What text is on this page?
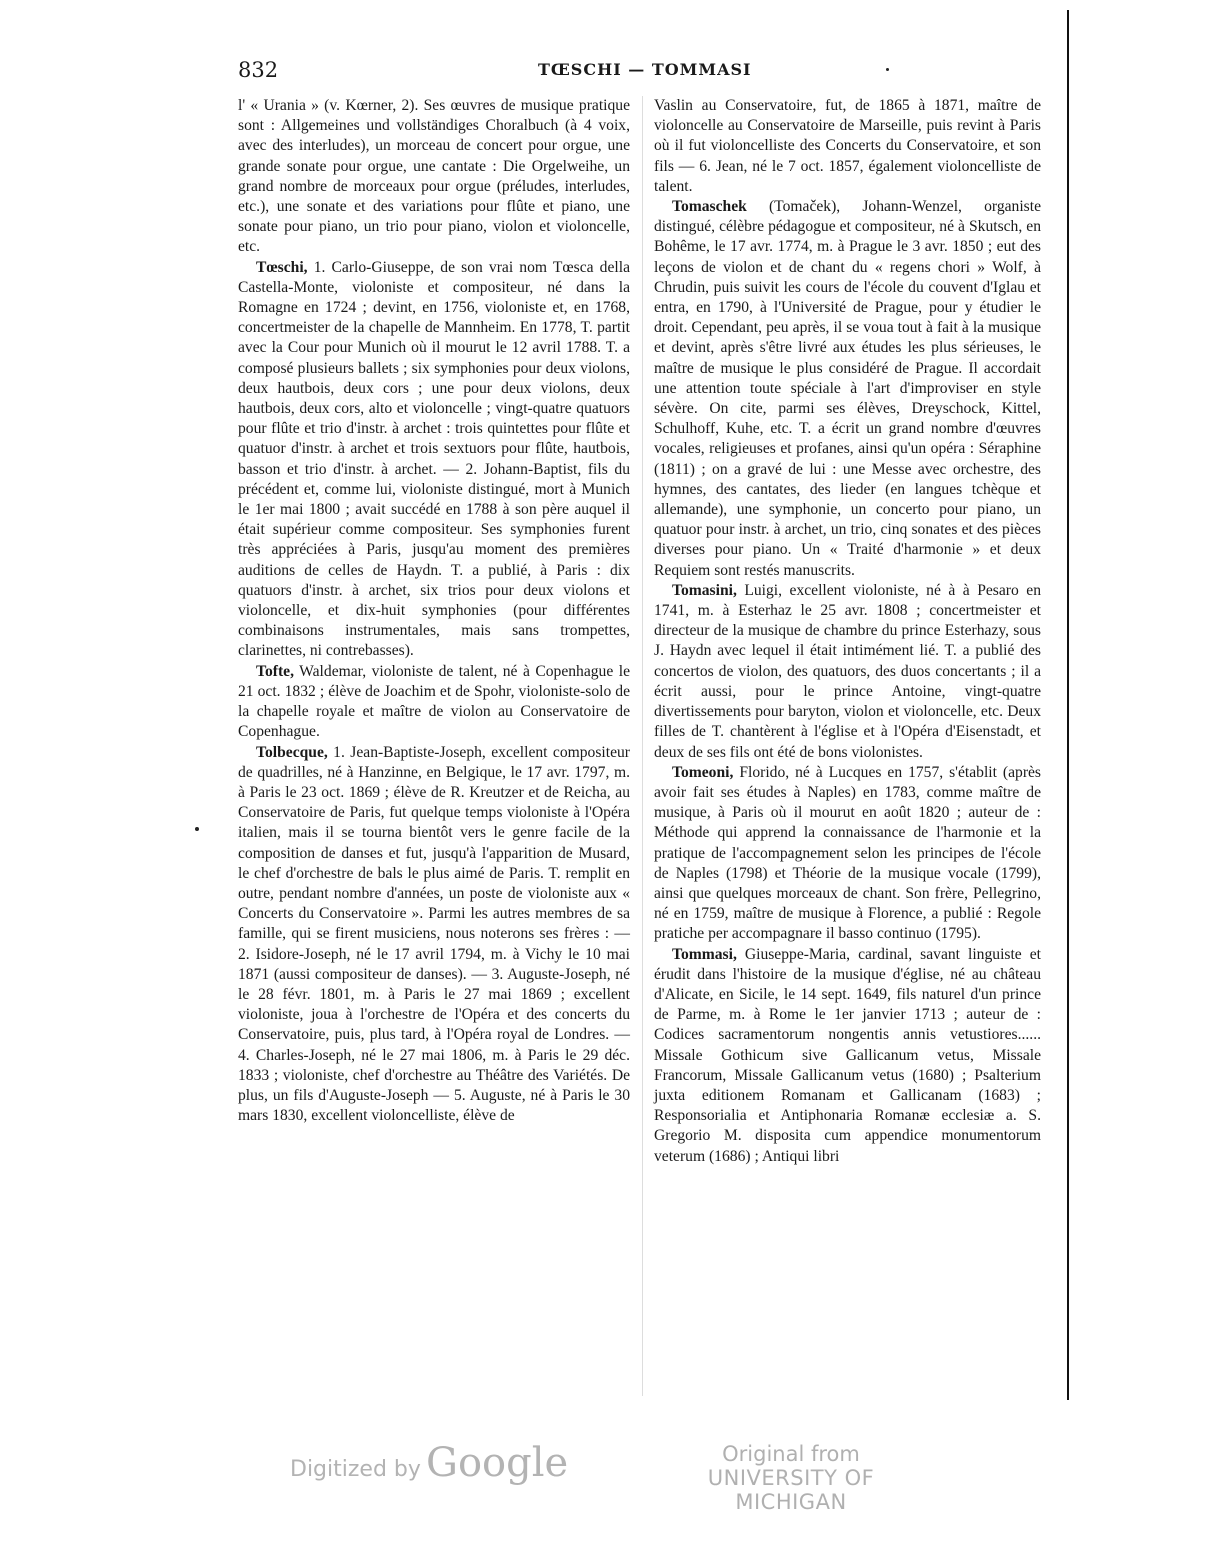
832	TŒSCHI — TOMMASI

l' « Urania » (v. Kœrner, 2). Ses œuvres de musique pratique sont : Allgemeines und vollständiges Choralbuch (à 4 voix, avec des interludes), un morceau de concert pour orgue, une grande sonate pour orgue, une cantate : Die Orgelweihe, un grand nombre de morceaux pour orgue (préludes, interludes, etc.), une sonate et des variations pour flûte et piano, une sonate pour piano, un trio pour piano, violon et violoncelle, etc.

Tœschi, 1. Carlo-Giuseppe, de son vrai nom Tœsca della Castella-Monte, violoniste et compositeur, né dans la Romagne en 1724 ; devint, en 1756, violoniste et, en 1768, concertmeister de la chapelle de Mannheim. En 1778, T. partit avec la Cour pour Munich où il mourut le 12 avril 1788. T. a composé plusieurs ballets ; six symphonies pour deux violons, deux hautbois, deux cors ; une pour deux violons, deux hautbois, deux cors, alto et violoncelle ; vingt-quatre quatuors pour flûte et trio d'instr. à archet : trois quintettes pour flûte et quatuor d'instr. à archet et trois sextuors pour flûte, hautbois, basson et trio d'instr. à archet. — 2. Johann-Baptist, fils du précédent et, comme lui, violoniste distingué, mort à Munich le 1er mai 1800 ; avait succédé en 1788 à son père auquel il était supérieur comme compositeur. Ses symphonies furent très appréciées à Paris, jusqu'au moment des premières auditions de celles de Haydn. T. a publié, à Paris : dix quatuors d'instr. à archet, six trios pour deux violons et violoncelle, et dix-huit symphonies (pour différentes combinaisons instrumentales, mais sans trompettes, clarinettes, ni contrebasses).

Tofte, Waldemar, violoniste de talent, né à Copenhague le 21 oct. 1832 ; élève de Joachim et de Spohr, violoniste-solo de la chapelle royale et maître de violon au Conservatoire de Copenhague.

Tolbecque, 1. Jean-Baptiste-Joseph, excellent compositeur de quadrilles, né à Hanzinne, en Belgique, le 17 avr. 1797, m. à Paris le 23 oct. 1869 ; élève de R. Kreutzer et de Reicha, au Conservatoire de Paris, fut quelque temps violoniste à l'Opéra italien, mais il se tourna bientôt vers le genre facile de la composition de danses et fut, jusqu'à l'apparition de Musard, le chef d'orchestre de bals le plus aimé de Paris. T. remplit en outre, pendant nombre d'années, un poste de violoniste aux « Concerts du Conservatoire ». Parmi les autres membres de sa famille, qui se firent musiciens, nous noterons ses frères : — 2. Isidore-Joseph, né le 17 avril 1794, m. à Vichy le 10 mai 1871 (aussi compositeur de danses). — 3. Auguste-Joseph, né le 28 févr. 1801, m. à Paris le 27 mai 1869 ; excellent violoniste, joua à l'orchestre de l'Opéra et des concerts du Conservatoire, puis, plus tard, à l'Opéra royal de Londres. — 4. Charles-Joseph, né le 27 mai 1806, m. à Paris le 29 déc. 1833 ; violoniste, chef d'orchestre au Théâtre des Variétés. De plus, un fils d'Auguste-Joseph — 5. Auguste, né à Paris le 30 mars 1830, excellent violoncelliste, élève de

Vaslin au Conservatoire, fut, de 1865 à 1871, maître de violoncelle au Conservatoire de Marseille, puis revint à Paris où il fut violoncelliste des Concerts du Conservatoire, et son fils — 6. Jean, né le 7 oct. 1857, également violoncelliste de talent.

Tomaschek (Tomaček), Johann-Wenzel, organiste distingué, célèbre pédagogue et compositeur, né à Skutsch, en Bohême, le 17 avr. 1774, m. à Prague le 3 avr. 1850 ; eut des leçons de violon et de chant du « regens chori » Wolf, à Chrudin, puis suivit les cours de l'école du couvent d'Iglau et entra, en 1790, à l'Université de Prague, pour y étudier le droit. Cependant, peu après, il se voua tout à fait à la musique et devint, après s'être livré aux études les plus sérieuses, le maître de musique le plus considéré de Prague. Il accordait une attention toute spéciale à l'art d'improviser en style sévère. On cite, parmi ses élèves, Dreyschock, Kittel, Schulhoff, Kuhe, etc. T. a écrit un grand nombre d'œuvres vocales, religieuses et profanes, ainsi qu'un opéra : Séraphine (1811) ; on a gravé de lui : une Messe avec orchestre, des hymnes, des cantates, des lieder (en langues tchèque et allemande), une symphonie, un concerto pour piano, un quatuor pour instr. à archet, un trio, cinq sonates et des pièces diverses pour piano. Un « Traité d'harmonie » et deux Requiem sont restés manuscrits.

Tomasini, Luigi, excellent violoniste, né à à Pesaro en 1741, m. à Esterhaz le 25 avr. 1808 ; concertmeister et directeur de la musique de chambre du prince Esterhazy, sous J. Haydn avec lequel il était intimément lié. T. a publié des concertos de violon, des quatuors, des duos concertants ; il a écrit aussi, pour le prince Antoine, vingt-quatre divertissements pour baryton, violon et violoncelle, etc. Deux filles de T. chantèrent à l'église et à l'Opéra d'Eisenstadt, et deux de ses fils ont été de bons violonistes.

Tomeoni, Florido, né à Lucques en 1757, s'établit (après avoir fait ses études à Naples) en 1783, comme maître de musique, à Paris où il mourut en août 1820 ; auteur de : Méthode qui apprend la connaissance de l'harmonie et la pratique de l'accompagnement selon les principes de l'école de Naples (1798) et Théorie de la musique vocale (1799), ainsi que quelques morceaux de chant. Son frère, Pellegrino, né en 1759, maître de musique à Florence, a publié : Regole pratiche per accompagnare il basso continuo (1795).

Tommasi, Giuseppe-Maria, cardinal, savant linguiste et érudit dans l'histoire de la musique d'église, né au château d'Alicate, en Sicile, le 14 sept. 1649, fils naturel d'un prince de Parme, m. à Rome le 1er janvier 1713 ; auteur de : Codices sacramentorum nongentis annis vetustiores...... Missale Gothicum sive Gallicanum vetus, Missale Francorum, Missale Gallicanum vetus (1680) ; Psalterium juxta editionem Romanam et Gallicanam (1683) ; Responsorialia et Antiphonaria Romanæ ecclesiæ a. S. Gregorio M. disposita cum appendice monumentorum veterum (1686) ; Antiqui libri

Digitized by Google	Original from
UNIVERSITY OF MICHIGAN
